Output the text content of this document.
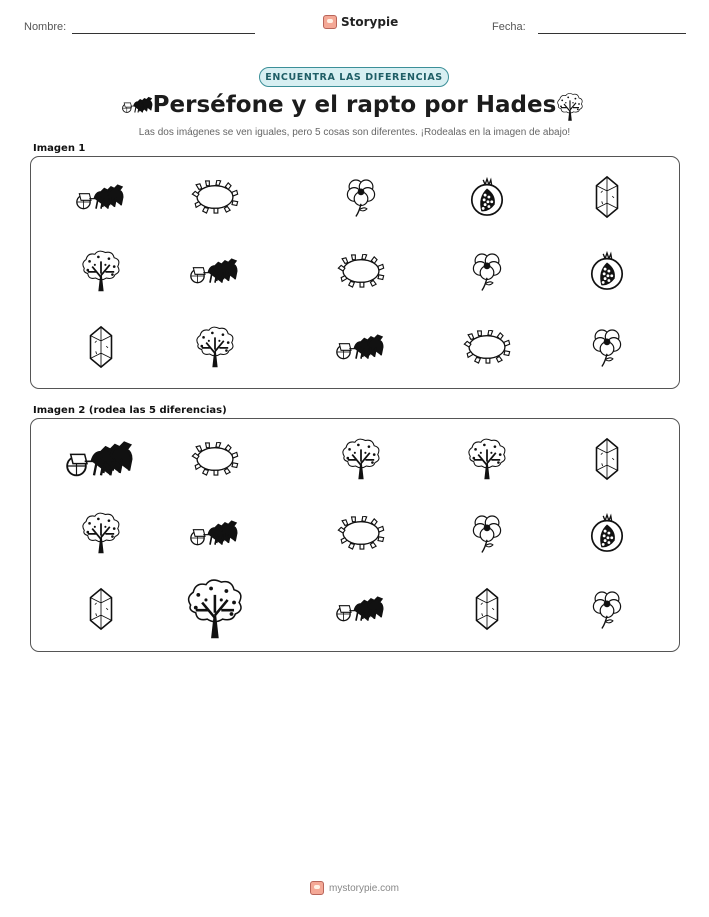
Nombre:	Storypie	Fecha:
ENCUENTRA LAS DIFERENCIAS
Perséfone y el rapto por Hades
Las dos imágenes se ven iguales, pero 5 cosas son diferentes. ¡Rodealas en la imagen de abajo!
Imagen 1
Imagen 2 (rodea las 5 diferencias)
mystorypie.com
